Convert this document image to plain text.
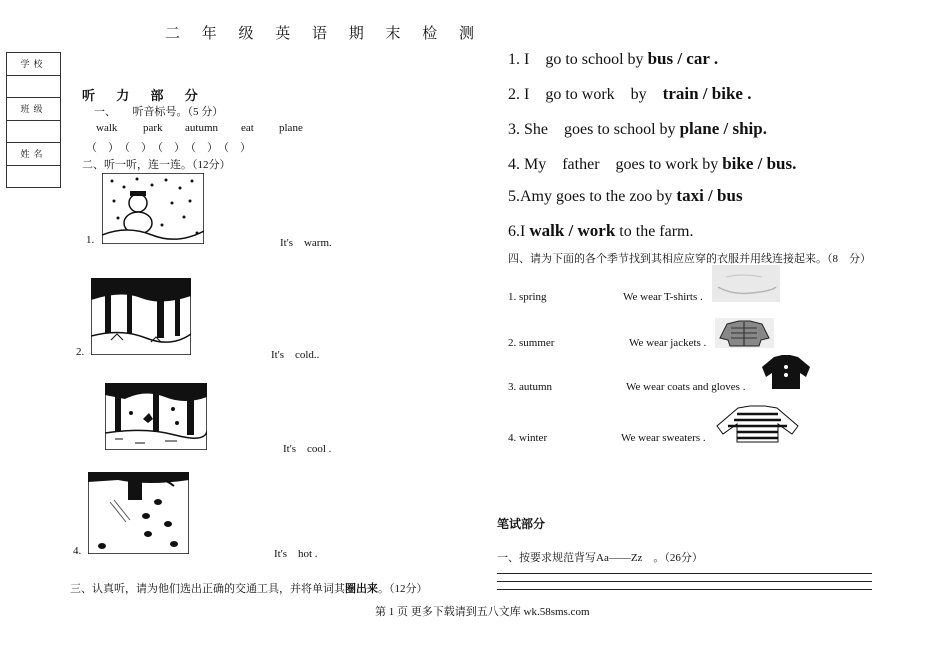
二 年 级 英 语 期 末 检 测
学校

班级

姓名

听 力 部 分
一、　　听音标号。（5 分）
walk park autumn eat plane
（　）　（　）　（　）　（　）　（　）
二、听一听，连一连。（12分）
1.	It's　warm.
2.	It's　cold..
It's　cool .
4.	It's　hot .
三、认真听，请为他们选出正确的交通工具，并将单词其圈出来。（12分）
1. I　go to school by bus / car .
2. I　go to work　by　train / bike .
3. She　goes to school by plane / ship.
4. My　father　goes to work by bike / bus.
5.Amy goes to the zoo by taxi / bus
6.I walk / work to the farm.
四、请为下面的各个季节找到其相应应穿的衣服并用线连接起来。（8　分）
1. spring	We wear T-shirts .
2. summer	We wear jackets .
3. autumn	We wear coats and gloves .
4. winter	We wear sweaters .
笔试部分
一、按要求规范背写Aa——Zz　。（26分）
第 1 页 更多下载请到五八文库 wk.58sms.com
